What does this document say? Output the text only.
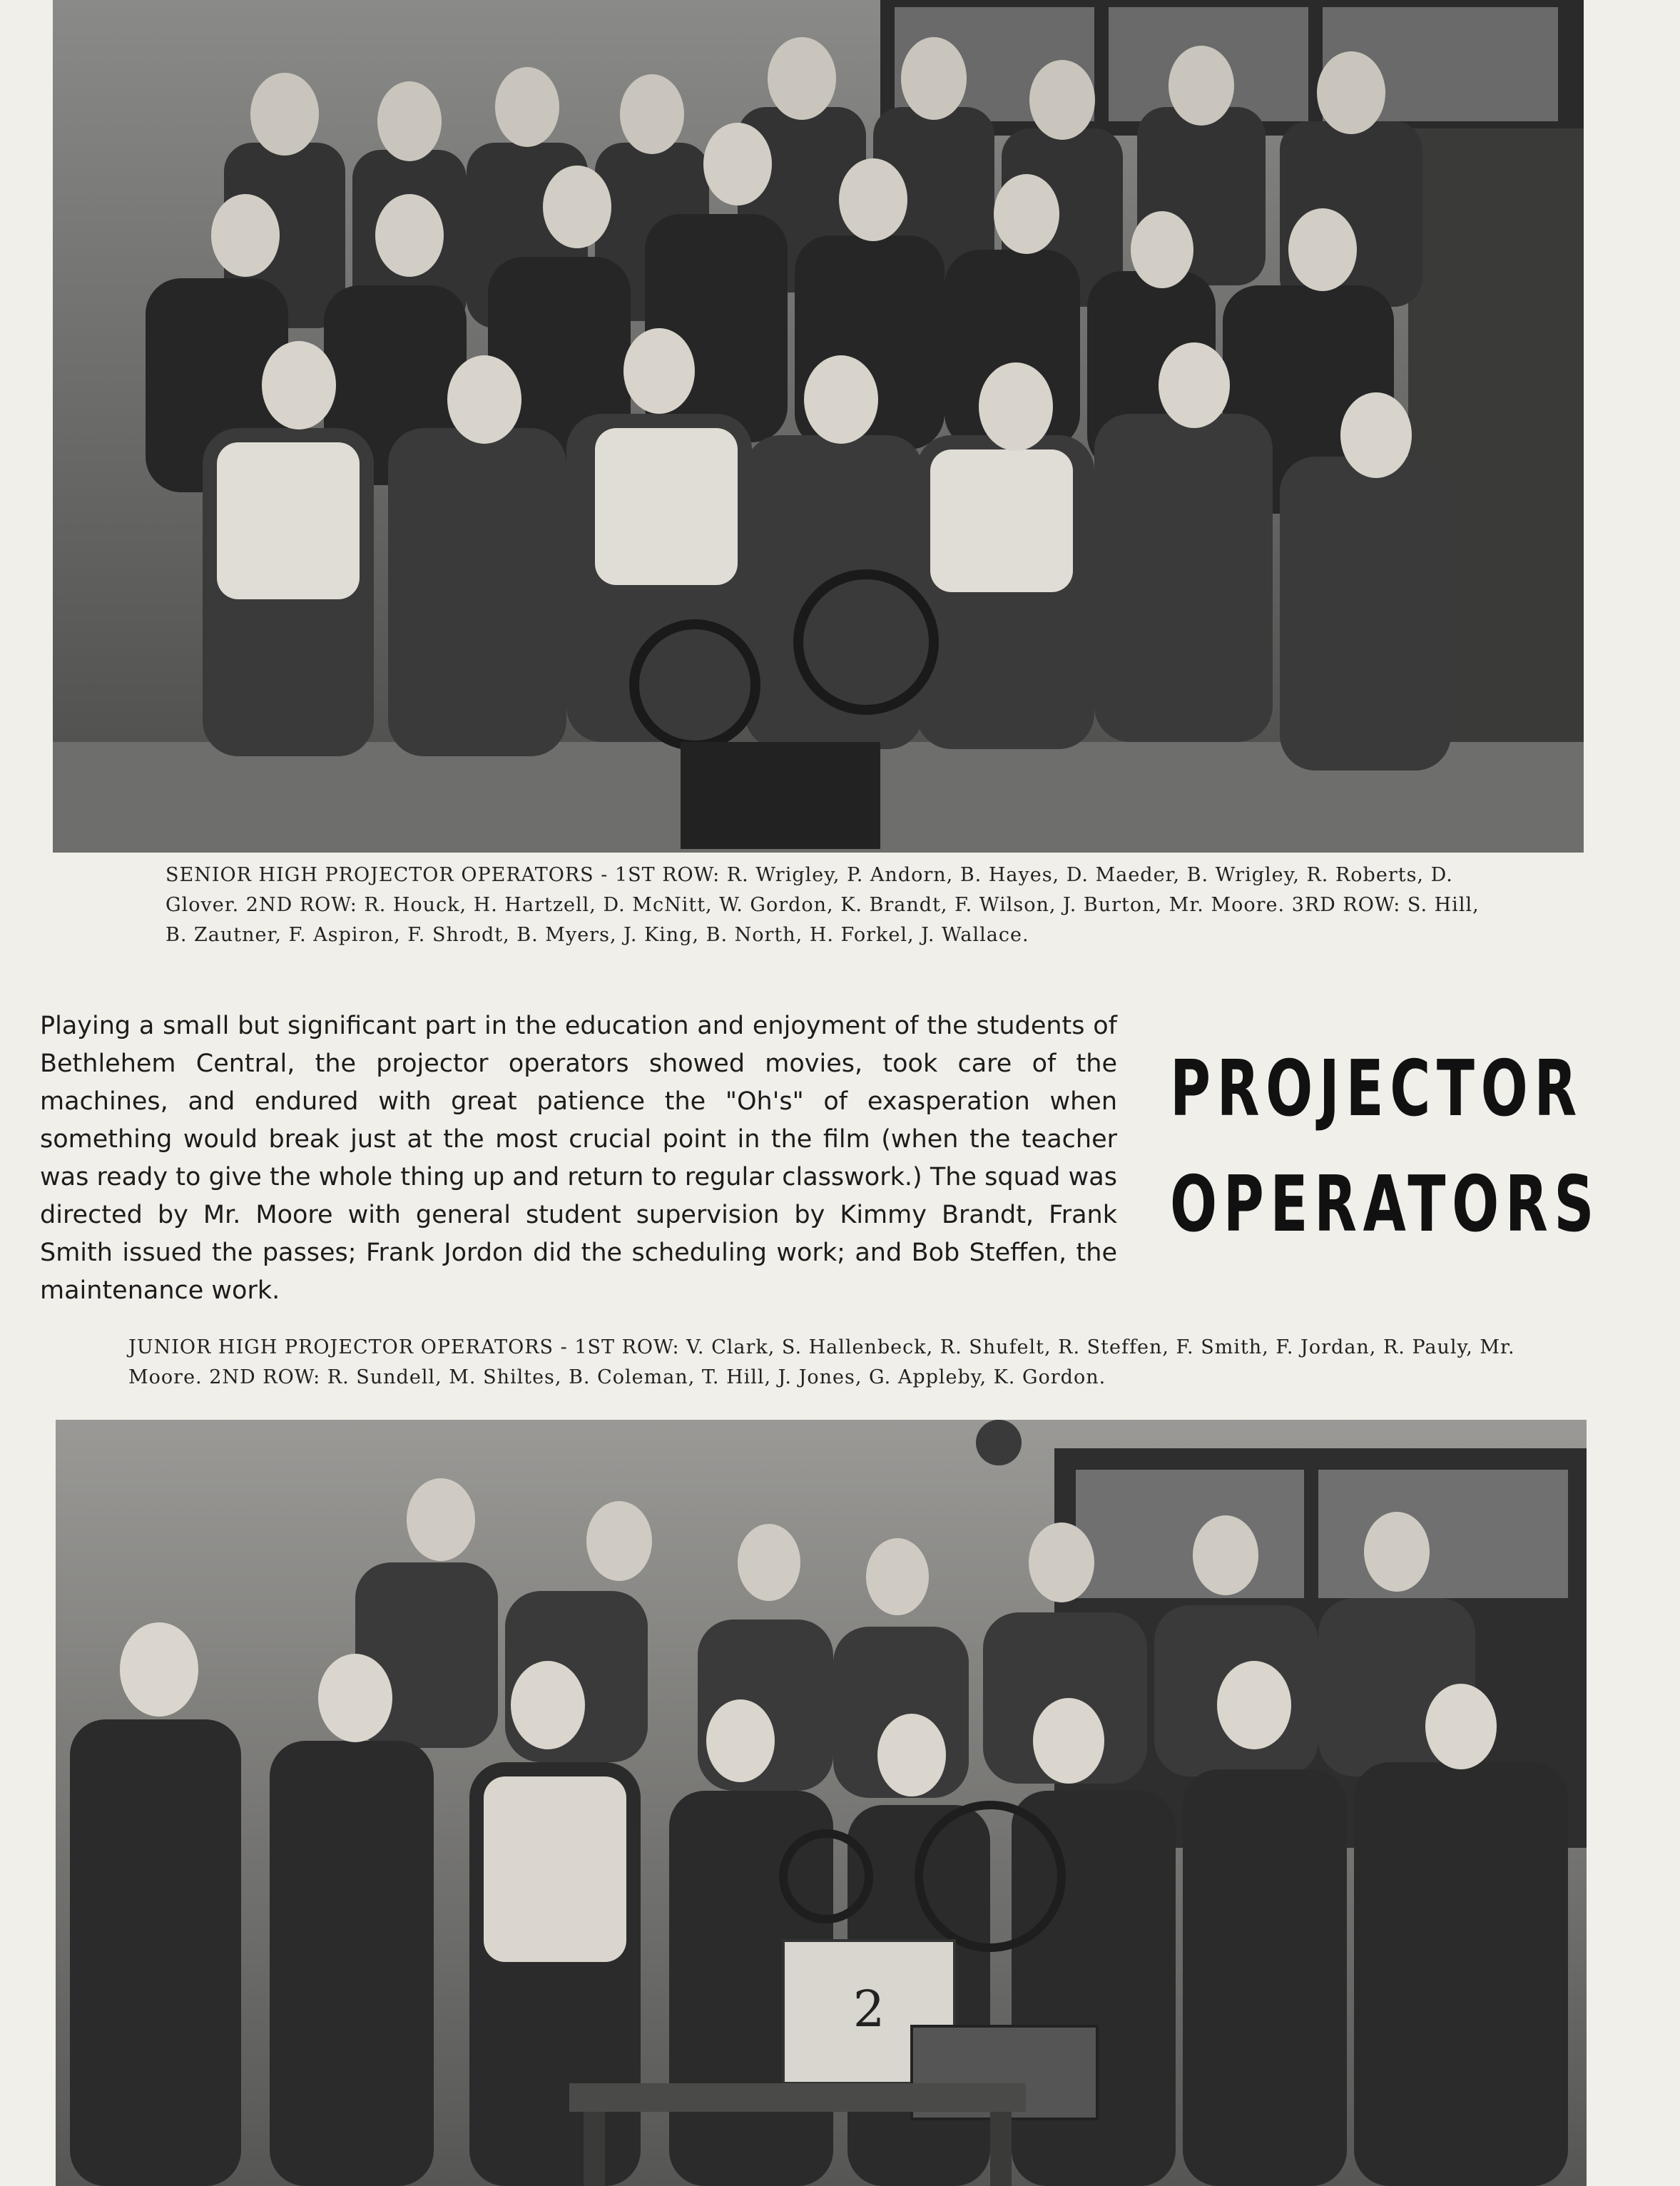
SENIOR HIGH PROJECTOR OPERATORS - 1ST ROW: R. Wrigley, P. Andorn, B. Hayes, D. Maeder, B. Wrigley, R. Roberts, D. Glover. 2ND ROW: R. Houck, H. Hartzell, D. McNitt, W. Gordon, K. Brandt, F. Wilson, J. Burton, Mr. Moore. 3RD ROW: S. Hill, B. Zautner, F. Aspiron, F. Shrodt, B. Myers, J. King, B. North, H. Forkel, J. Wallace.
Playing a small but significant part in the education and enjoyment of the students of Bethlehem Central, the projector operators showed movies, took care of the machines, and endured with great patience the "Oh's" of exasperation when something would break just at the most crucial point in the film (when the teacher was ready to give the whole thing up and return to regular classwork.) The squad was directed by Mr. Moore with general student supervision by Kimmy Brandt, Frank Smith issued the passes; Frank Jordon did the scheduling work; and Bob Steffen, the maintenance work.
PROJECTOR
OPERATORS
JUNIOR HIGH PROJECTOR OPERATORS - 1ST ROW: V. Clark, S. Hallenbeck, R. Shufelt, R. Steffen, F. Smith, F. Jordan, R. Pauly, Mr. Moore. 2ND ROW: R. Sundell, M. Shiltes, B. Coleman, T. Hill, J. Jones, G. Appleby, K. Gordon.
2
